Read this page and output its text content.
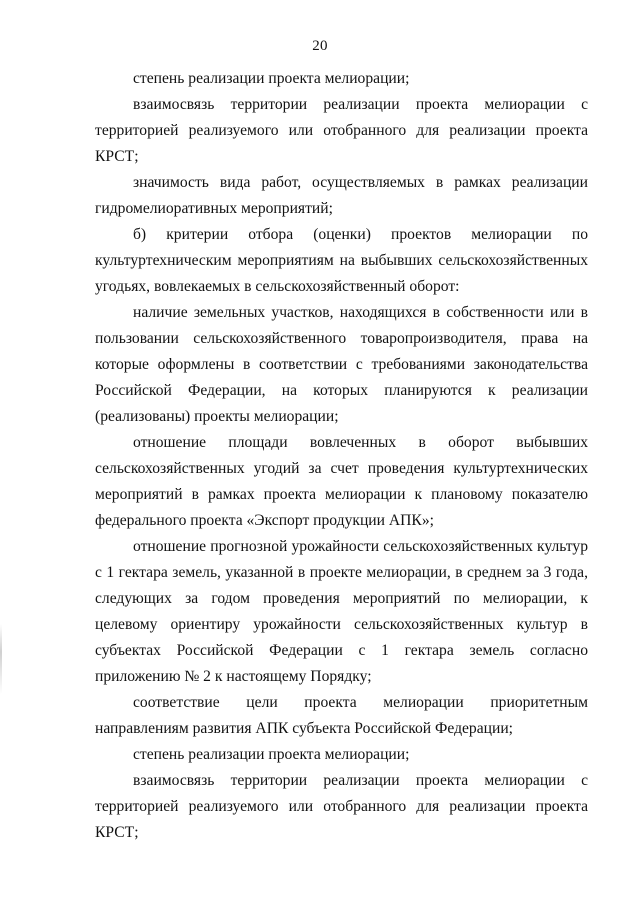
20

степень реализации проекта мелиорации;

взаимосвязь территории реализации проекта мелиорации с территорией реализуемого или отобранного для реализации проекта КРСТ;

значимость вида работ, осуществляемых в рамках реализации гидромелиоративных мероприятий;

б) критерии отбора (оценки) проектов мелиорации по культуртехническим мероприятиям на выбывших сельскохозяйственных угодьях, вовлекаемых в сельскохозяйственный оборот:

наличие земельных участков, находящихся в собственности или в пользовании сельскохозяйственного товаропроизводителя, права на которые оформлены в соответствии с требованиями законодательства Российской Федерации, на которых планируются к реализации (реализованы) проекты мелиорации;

отношение площади вовлеченных в оборот выбывших сельскохозяйственных угодий за счет проведения культуртехнических мероприятий в рамках проекта мелиорации к плановому показателю федерального проекта «Экспорт продукции АПК»;

отношение прогнозной урожайности сельскохозяйственных культур с 1 гектара земель, указанной в проекте мелиорации, в среднем за 3 года, следующих за годом проведения мероприятий по мелиорации, к целевому ориентиру урожайности сельскохозяйственных культур в субъектах Российской Федерации с 1 гектара земель согласно приложению № 2 к настоящему Порядку;

соответствие цели проекта мелиорации приоритетным направлениям развития АПК субъекта Российской Федерации;

степень реализации проекта мелиорации;

взаимосвязь территории реализации проекта мелиорации с территорией реализуемого или отобранного для реализации проекта КРСТ;
